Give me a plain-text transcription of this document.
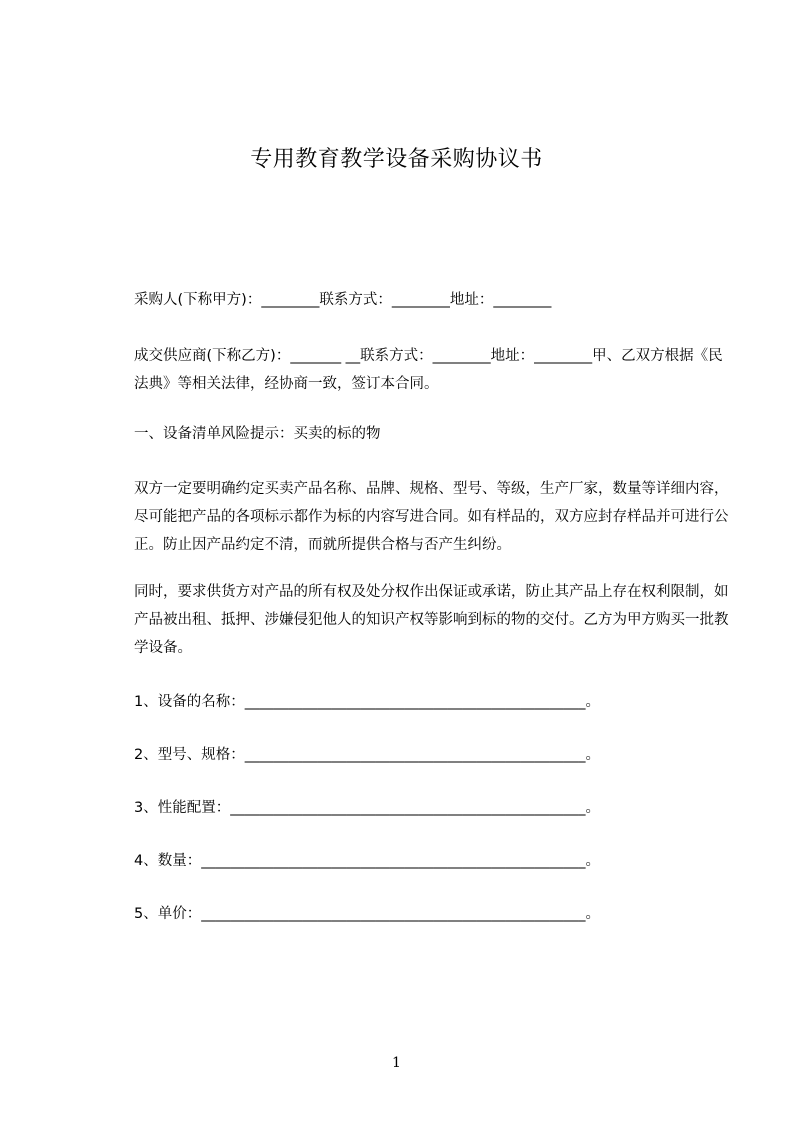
专用教育教学设备采购协议书

采购人(下称甲方)：________联系方式：________地址：________

成交供应商(下称乙方)：_______ __联系方式：________地址：________甲、乙双方根据《民法典》等相关法律，经协商一致，签订本合同。

一、设备清单风险提示：买卖的标的物

双方一定要明确约定买卖产品名称、品牌、规格、型号、等级，生产厂家，数量等详细内容，尽可能把产品的各项标示都作为标的内容写进合同。如有样品的，双方应封存样品并可进行公正。防止因产品约定不清，而就所提供合格与否产生纠纷。

同时，要求供货方对产品的所有权及处分权作出保证或承诺，防止其产品上存在权利限制，如产品被出租、抵押、涉嫌侵犯他人的知识产权等影响到标的物的交付。乙方为甲方购买一批教学设备。

1、设备的名称：_______________________________________________。

2、型号、规格：_______________________________________________。

3、性能配置：_________________________________________________。

4、数量：_____________________________________________________。

5、单价：_____________________________________________________。

1
